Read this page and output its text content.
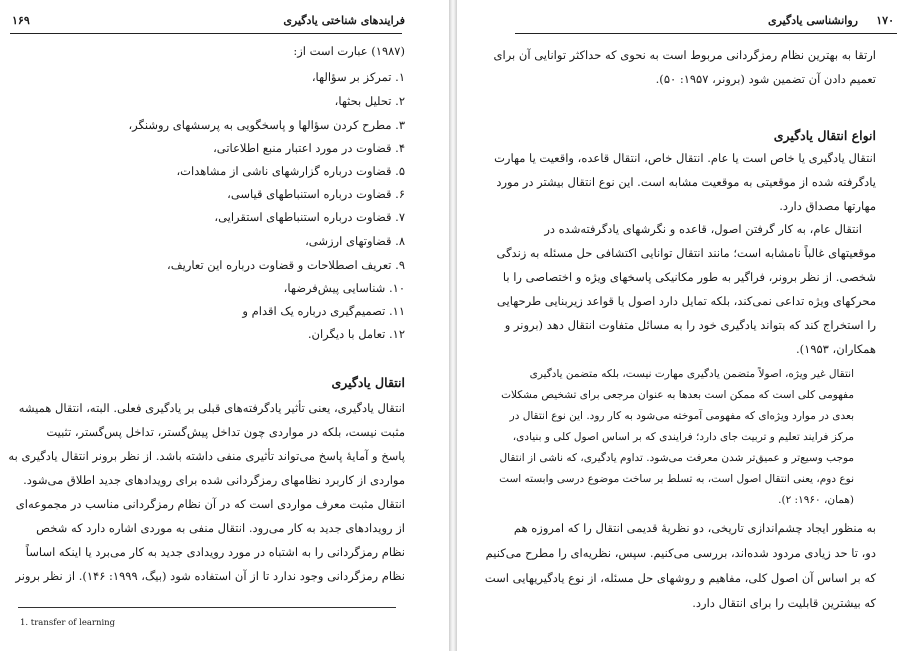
۱۶۹	فرایندهای شناختی یادگیری
(۱۹۸۷) عبارت است از:
۱. تمرکز بر سؤالها،
۲. تحلیل بحثها،
۳. مطرح کردن سؤالها و پاسخگویی به پرسشهای روشنگر،
۴. قضاوت در مورد اعتبار منبع اطلاعاتی،
۵. قضاوت درباره گزارشهای ناشی از مشاهدات،
۶. قضاوت درباره استنباطهای قیاسی،
۷. قضاوت درباره استنباطهای استقرایی،
۸. قضاوتهای ارزشی،
۹. تعریف اصطلاحات و قضاوت درباره این تعاریف،
۱۰. شناسایی پیش‌فرضها،
۱۱. تصمیم‌گیری درباره یک اقدام و
۱۲. تعامل با دیگران.
انتقال یادگیری
انتقال یادگیری، یعنی تأثیر یادگرفته‌های قبلی بر یادگیری فعلی. البته، انتقال همیشه
مثبت نیست، بلکه در مواردی چون تداخل پیش‌گستر، تداخل پس‌گستر، تثبیت
پاسخ و آمایهٔ پاسخ می‌تواند تأثیری منفی داشته باشد. از نظر برونر انتقال یادگیری به
مواردی از کاربرد نظامهای رمزگردانی شده برای رویدادهای جدید اطلاق می‌شود.
انتقال مثبت معرف مواردی است که در آن نظام رمزگردانی مناسب در مجموعه‌ای
از رویدادهای جدید به کار می‌رود. انتقال منفی به موردی اشاره دارد که شخص
نظام رمزگردانی را به اشتباه در مورد رویدادی جدید به کار می‌برد یا اینکه اساساً
نظام رمزگردانی وجود ندارد تا از آن استفاده شود (بیگ، ۱۹۹۹: ۱۴۶). از نظر برونر
1. transfer of learning
۱۷۰
روانشناسی یادگیری
ارتقا به بهترین نظام رمزگردانی مربوط است به نحوی که حداکثر توانایی آن برای
تعمیم دادن آن تضمین شود (برونر، ۱۹۵۷: ۵۰).
انواع انتقال یادگیری
انتقال یادگیری یا خاص است یا عام. انتقال خاص، انتقال قاعده، واقعیت یا مهارت
یادگرفته شده از موقعیتی به موقعیت مشابه است. این نوع انتقال بیشتر در مورد
مهارتها مصداق دارد.
انتقال عام، به کار گرفتن اصول، قاعده و نگرشهای یادگرفته‌شده در
موقعیتهای غالباً نامشابه است؛ مانند انتقال توانایی اکتشافی حل مسئله به زندگی
شخصی. از نظر برونر، فراگیر به طور مکانیکی پاسخهای ویژه و اختصاصی را با
محرکهای ویژه تداعی نمی‌کند، بلکه تمایل دارد اصول یا قواعد زیربنایی طرحهایی
را استخراج کند که بتواند یادگیری خود را به مسائل متفاوت انتقال دهد (برونر و
همکاران، ۱۹۵۳).
انتقال غیر ویژه، اصولاً متضمن یادگیری مهارت نیست، بلکه متضمن یادگیری
مفهومی کلی است که ممکن است بعدها به عنوان مرجعی برای تشخیص مشکلات
بعدی در موارد ویژه‌ای که مفهومی آموخته می‌شود به کار رود. این نوع انتقال در
مرکز فرایند تعلیم و تربیت جای دارد؛ فرایندی که بر اساس اصول کلی و بنیادی،
موجب وسیع‌تر و عمیق‌تر شدن معرفت می‌شود. تداوم یادگیری، که ناشی از انتقال
نوع دوم، یعنی انتقال اصول است، به تسلط بر ساخت موضوع درسی وابسته است
(همان، ۱۹۶۰: ۲).
به منظور ایجاد چشم‌اندازی تاریخی، دو نظریهٔ قدیمی انتقال را که امروزه هم
دو، تا حد زیادی مردود شده‌اند، بررسی می‌کنیم. سپس، نظریه‌ای را مطرح می‌کنیم
که بر اساس آن اصول کلی، مفاهیم و روشهای حل مسئله، از نوع یادگیریهایی است
که بیشترین قابلیت را برای انتقال دارد.
